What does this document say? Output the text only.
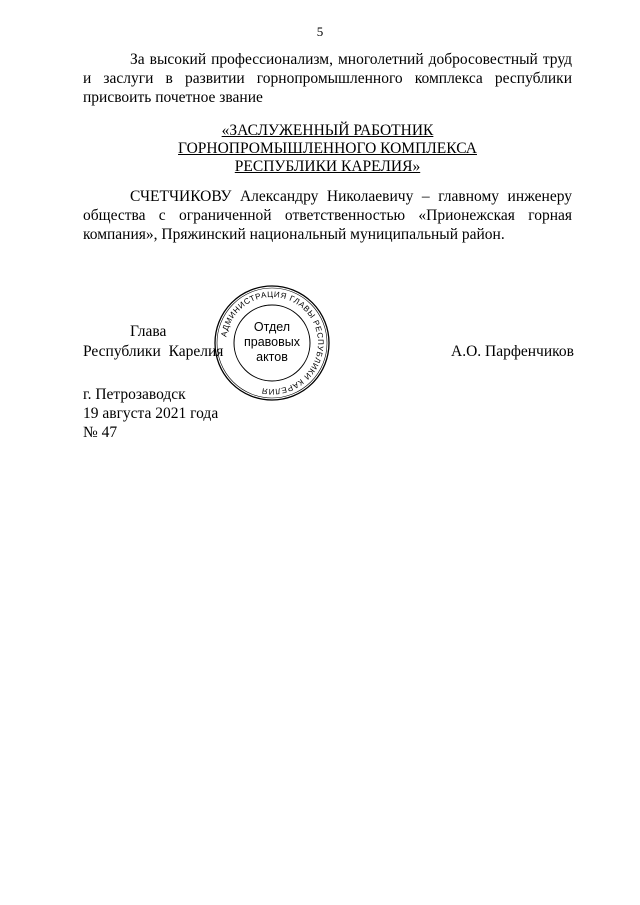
5

За высокий профессионализм, многолетний добросовестный труд и заслуги в развитии горнопромышленного комплекса республики присвоить почетное звание

«ЗАСЛУЖЕННЫЙ РАБОТНИК
ГОРНОПРОМЫШЛЕННОГО КОМПЛЕКСА
РЕСПУБЛИКИ КАРЕЛИЯ»

СЧЕТЧИКОВУ Александру Николаевичу – главному инженеру общества с ограниченной ответственностью «Прионежская горная компания», Пряжинский национальный муниципальный район.

Глава
Республики Карелия	А.О. Парфенчиков
АДМИНИСТРАЦИЯ ГЛАВЫ РЕСПУБЛИКИ КАРЕЛИЯ
Отдел
правовых
актов
г. Петрозаводск
19 августа 2021 года
№ 47
